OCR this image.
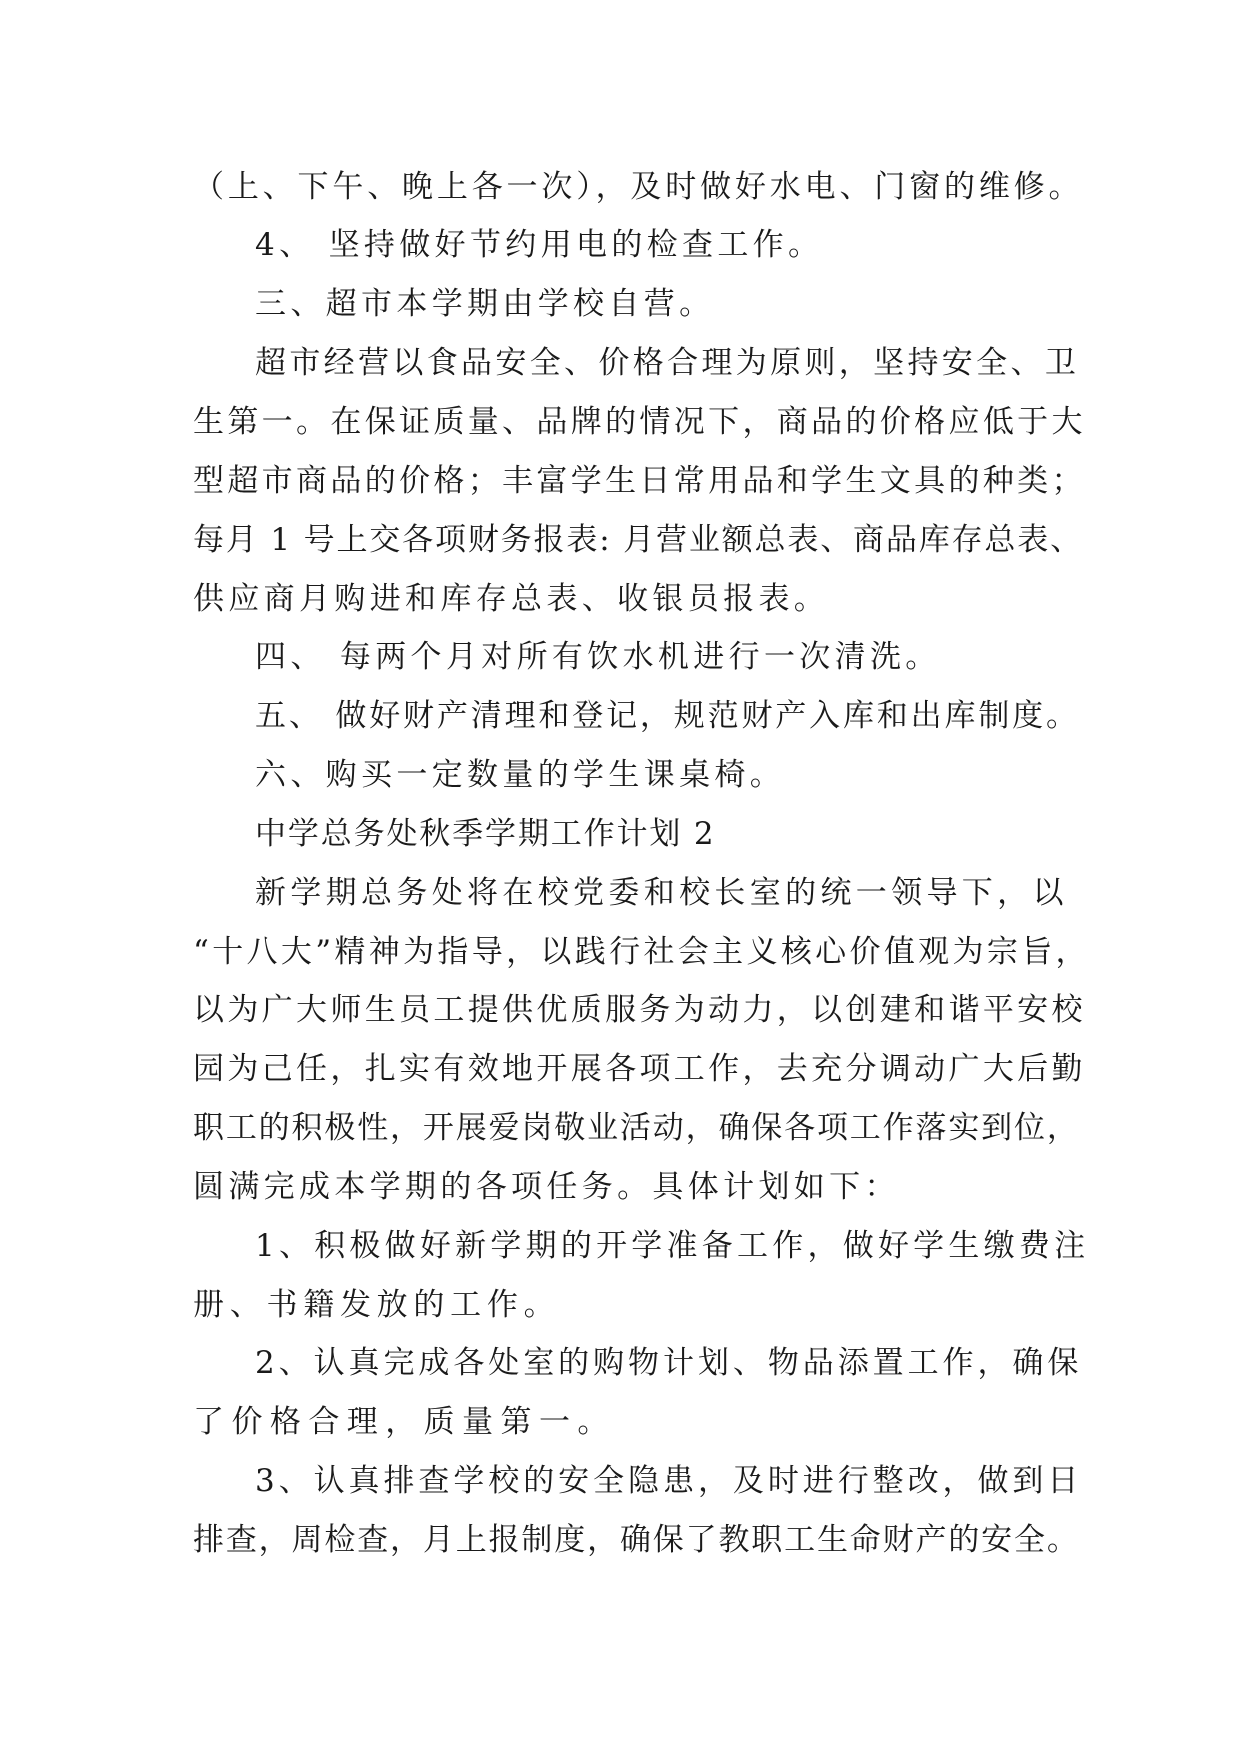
（上、下午、晚上各一次），及时做好水电、门窗的维修。
4、 坚持做好节约用电的检查工作。
三、超市本学期由学校自营。
超市经营以食品安全、价格合理为原则，坚持安全、卫
生第一。在保证质量、品牌的情况下，商品的价格应低于大
型超市商品的价格；丰富学生日常用品和学生文具的种类；
每月 1 号上交各项财务报表: 月营业额总表、商品库存总表、
供应商月购进和库存总表、收银员报表。
四、 每两个月对所有饮水机进行一次清洗。
五、 做好财产清理和登记，规范财产入库和出库制度。
六、购买一定数量的学生课桌椅。
中学总务处秋季学期工作计划 2
新学期总务处将在校党委和校长室的统一领导下，以
“十八大”精神为指导，以践行社会主义核心价值观为宗旨，
以为广大师生员工提供优质服务为动力，以创建和谐平安校
园为己任，扎实有效地开展各项工作，去充分调动广大后勤
职工的积极性，开展爱岗敬业活动，确保各项工作落实到位，
圆满完成本学期的各项任务。具体计划如下：
1、积极做好新学期的开学准备工作，做好学生缴费注
册、书籍发放的工作。
2、认真完成各处室的购物计划、物品添置工作，确保
了价格合理，质量第一。
3、认真排查学校的安全隐患，及时进行整改，做到日
排查，周检查，月上报制度，确保了教职工生命财产的安全。
